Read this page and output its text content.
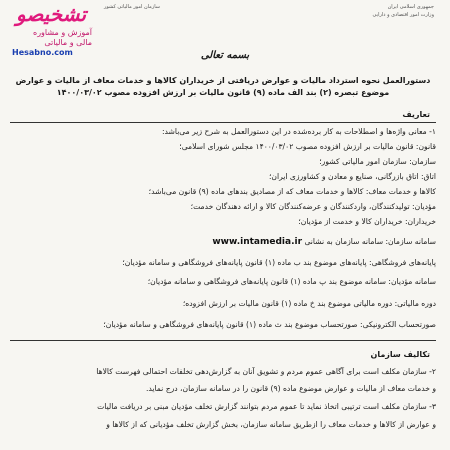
سازمان امور مالیاتی کشور	جمهوری اسلامی ایران
وزارت امور اقتصادی و دارایی
تشخیصو
آموزش و مشاوره
مالی و مالیاتی
Hesabno.com	بسمه تعالی
دستورالعمل نحوه استرداد مالیات و عوارض دریافتی از خریداران کالاها و خدمات معاف از مالیات و عوارض
موضوع تبصره (۲) بند الف ماده (۹) قانون مالیات بر ارزش افزوده مصوب ۱۴۰۰/۰۳/۰۲
تعاریف
۱- معانی واژه‌ها و اصطلاحات به کار برده‌شده در این دستورالعمل به شرح زیر می‌باشد:
قانون: قانون مالیات بر ارزش افزوده مصوب ۱۴۰۰/۰۳/۰۲ مجلس شورای اسلامی؛
سازمان: سازمان امور مالیاتی کشور؛
اتاق: اتاق بازرگانی، صنایع و معادن و کشاورزی ایران؛
کالاها و خدمات معاف: کالاها و خدمات معاف که از مصادیق بندهای ماده (۹) قانون می‌باشد؛
مؤدیان: تولیدکنندگان، واردکنندگان و عرضه‌کنندگان کالا و ارائه دهندگان خدمت؛
خریداران: خریداران کالا و خدمت از مؤدیان؛
سامانه سازمان: سامانه سازمان به نشانی www.intamedia.ir
پایانه‌های فروشگاهی: پایانه‌های موضوع بند ب ماده (۱) قانون پایانه‌های فروشگاهی و سامانه مؤدیان؛
سامانه مؤدیان: سامانه موضوع بند پ ماده (۱) قانون پایانه‌های فروشگاهی و سامانه مؤدیان؛
دوره مالیاتی: دوره مالیاتی موضوع بند خ ماده (۱) قانون مالیات بر ارزش افزوده؛
صورتحساب الکترونیکی: صورتحساب موضوع بند ث ماده (۱) قانون پایانه‌های فروشگاهی و سامانه مؤدیان؛
تکالیف سازمان
۲- سازمان مکلف است برای آگاهی عموم مردم و تشویق آنان به گزارش‌دهی تخلفات احتمالی فهرست کالاها
و خدمات معاف از مالیات و عوارض موضوع ماده (۹) قانون را در سامانه سازمان، درج نماید.
۳- سازمان مکلف است ترتیبی اتخاذ نماید تا عموم مردم بتوانند گزارش تخلف مؤدیان مبنی بر دریافت مالیات
و عوارض از کالاها و خدمات معاف را ازطریق سامانه سازمان، بخش گزارش تخلف مؤدیانی که از کالاها و
